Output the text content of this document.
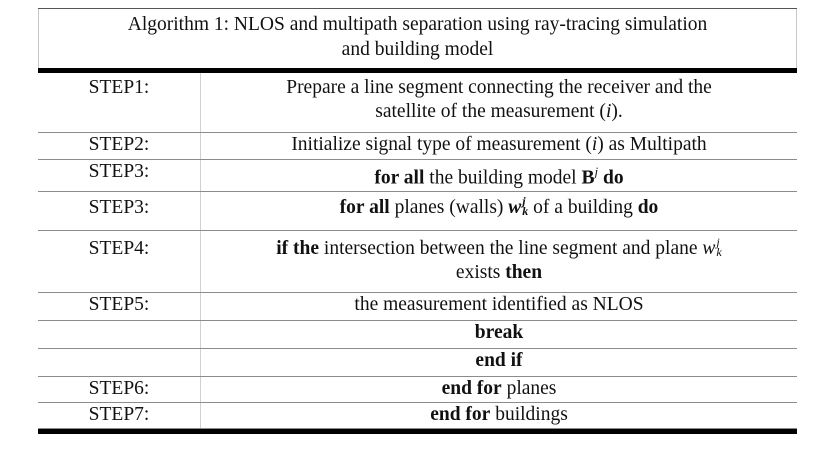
Algorithm 1: NLOS and multipath separation using ray-tracing simulation
and building model
STEP1:	Prepare a line segment connecting the receiver and the
satellite of the measurement (i).

STEP2:	Initialize signal type of measurement (i) as Multipath
STEP3:	for all the building model $B^j$ do
STEP3:	for all planes (walls) w j
k of a building do
STEP4:	if the intersection between the line segment and plane w j
k
exists then

STEP5:	the measurement identified as NLOS
	break
	end if
STEP6:	end for planes
STEP7:	end for buildings
